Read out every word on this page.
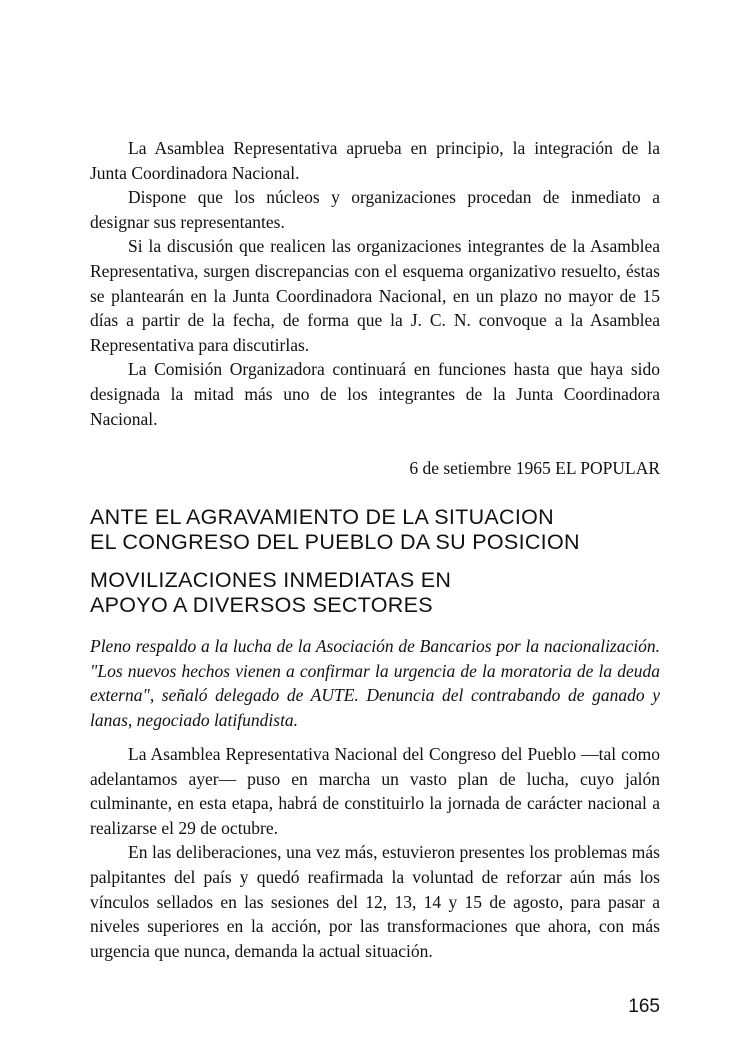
La Asamblea Representativa aprueba en principio, la integración de la Junta Coordinadora Nacional.

Dispone que los núcleos y organizaciones procedan de inmediato a designar sus representantes.

Si la discusión que realicen las organizaciones integrantes de la Asamblea Representativa, surgen discrepancias con el esquema organizativo resuelto, éstas se plantearán en la Junta Coordinadora Nacional, en un plazo no mayor de 15 días a partir de la fecha, de forma que la J. C. N. convoque a la Asamblea Representativa para discutirlas.

La Comisión Organizadora continuará en funciones hasta que haya sido designada la mitad más uno de los integrantes de la Junta Coordinadora Nacional.

6 de setiembre 1965 EL POPULAR
ANTE EL AGRAVAMIENTO DE LA SITUACION
EL CONGRESO DEL PUEBLO DA SU POSICION
MOVILIZACIONES INMEDIATAS EN
APOYO A DIVERSOS SECTORES

Pleno respaldo a la lucha de la Asociación de Bancarios por la nacionalización. "Los nuevos hechos vienen a confirmar la urgencia de la moratoria de la deuda externa", señaló delegado de AUTE. Denuncia del contrabando de ganado y lanas, negociado latifundista.

La Asamblea Representativa Nacional del Congreso del Pueblo —tal como adelantamos ayer— puso en marcha un vasto plan de lucha, cuyo jalón culminante, en esta etapa, habrá de constituirlo la jornada de carácter nacional a realizarse el 29 de octubre.

En las deliberaciones, una vez más, estuvieron presentes los problemas más palpitantes del país y quedó reafirmada la voluntad de reforzar aún más los vínculos sellados en las sesiones del 12, 13, 14 y 15 de agosto, para pasar a niveles superiores en la acción, por las transformaciones que ahora, con más urgencia que nunca, demanda la actual situación.

165
